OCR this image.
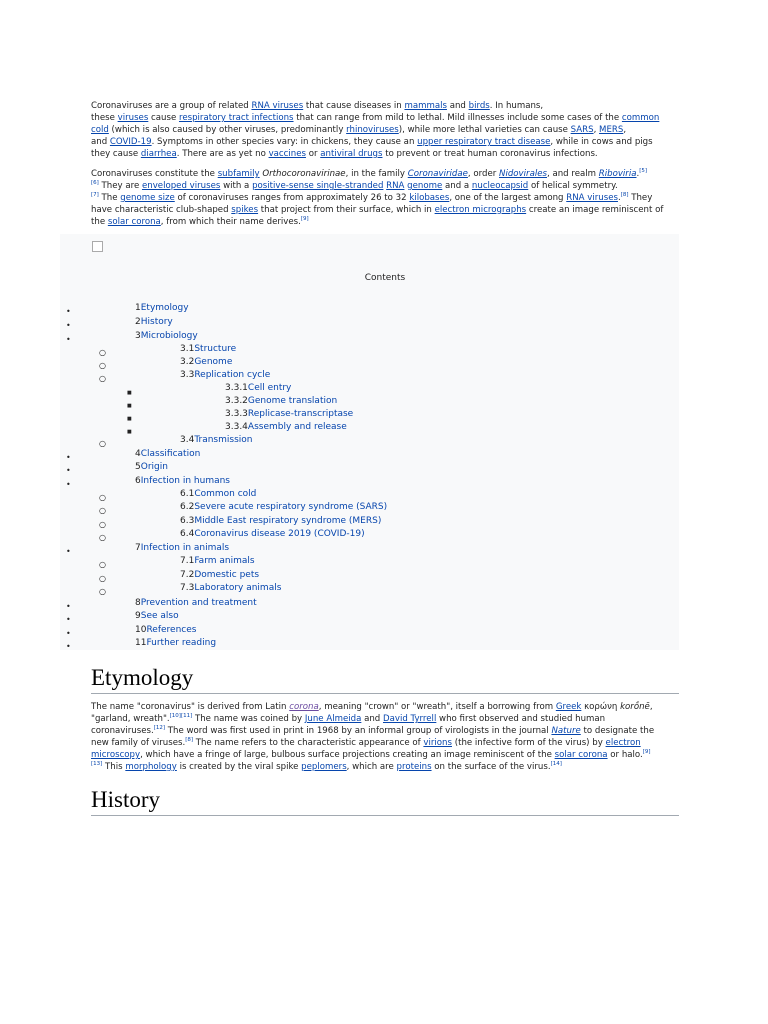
Coronaviruses are a group of related RNA viruses that cause diseases in mammals and birds. In humans,
these viruses cause respiratory tract infections that can range from mild to lethal. Mild illnesses include some cases of the common
cold (which is also caused by other viruses, predominantly rhinoviruses), while more lethal varieties can cause SARS, MERS,
and COVID-19. Symptoms in other species vary: in chickens, they cause an upper respiratory tract disease, while in cows and pigs
they cause diarrhea. There are as yet no vaccines or antiviral drugs to prevent or treat human coronavirus infections.

Coronaviruses constitute the subfamily Orthocoronavirinae, in the family Coronaviridae, order Nidovirales, and realm Riboviria.[5]
[6] They are enveloped viruses with a positive-sense single-stranded RNA genome and a nucleocapsid of helical symmetry.
[7] The genome size of coronaviruses ranges from approximately 26 to 32 kilobases, one of the largest among RNA viruses.[8] They
have characteristic club-shaped spikes that project from their surface, which in electron micrographs create an image reminiscent of
the solar corona, from which their name derives.[9]

Contents
•	1Etymology
•	2History
•	3Microbiology
○	3.1Structure
○	3.2Genome
○	3.3Replication cycle
■	3.3.1Cell entry
■	3.3.2Genome translation
■	3.3.3Replicase-transcriptase
■	3.3.4Assembly and release
○	3.4Transmission
•	4Classification
•	5Origin
•	6Infection in humans
○	6.1Common cold
○	6.2Severe acute respiratory syndrome (SARS)
○	6.3Middle East respiratory syndrome (MERS)
○	6.4Coronavirus disease 2019 (COVID-19)
•	7Infection in animals
○	7.1Farm animals
○	7.2Domestic pets
○	7.3Laboratory animals
•	8Prevention and treatment
•	9See also
•	10References
•	11Further reading
Etymology

The name "coronavirus" is derived from Latin corona, meaning "crown" or "wreath", itself a borrowing from Greek κορώνη korṓnē,
"garland, wreath".[10][11] The name was coined by June Almeida and David Tyrrell who first observed and studied human
coronaviruses.[12] The word was first used in print in 1968 by an informal group of virologists in the journal Nature to designate the
new family of viruses.[8] The name refers to the characteristic appearance of virions (the infective form of the virus) by electron
microscopy, which have a fringe of large, bulbous surface projections creating an image reminiscent of the solar corona or halo.[9]
[13] This morphology is created by the viral spike peplomers, which are proteins on the surface of the virus.[14]

History
